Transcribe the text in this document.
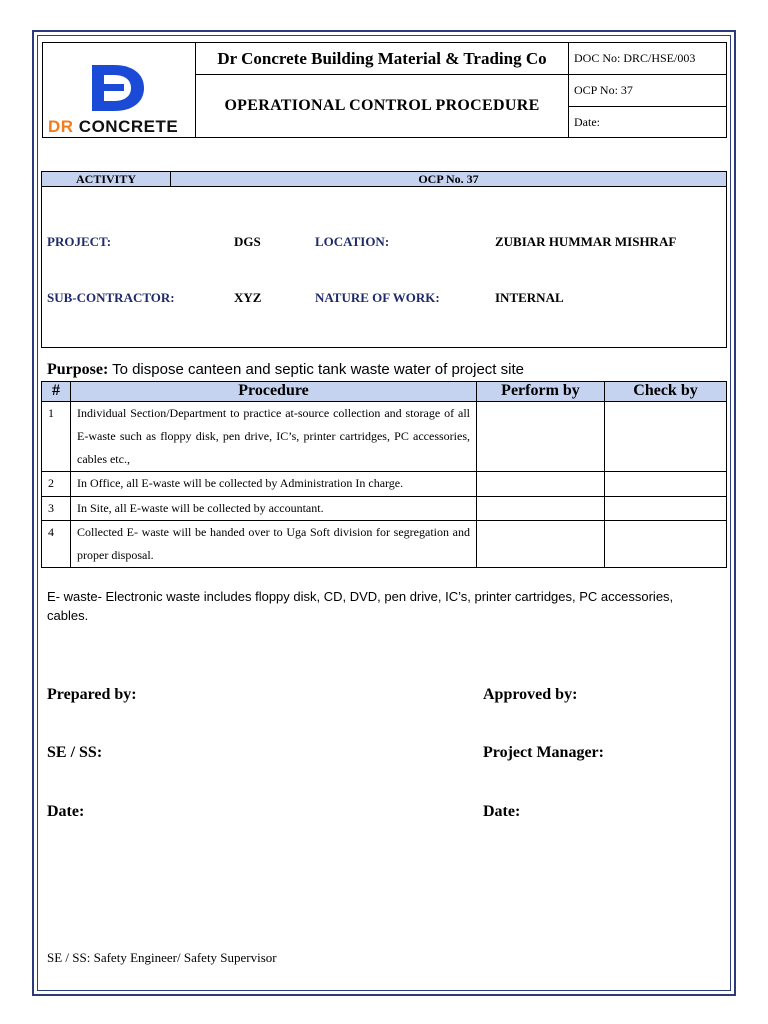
DR CONCRETE	Dr Concrete Building Material & Trading Co	DOC No: DRC/HSE/003
	OPERATIONAL CONTROL PROCEDURE	OCP No: 37
		Date:
ACTIVITY	OCP No. 37
PROJECT:	DGS	LOCATION:	ZUBIAR HUMMAR MISHRAF
SUB-CONTRACTOR:	XYZ	NATURE OF WORK:	INTERNAL
Purpose: To dispose canteen and septic tank waste water of project site
#	Procedure	Perform by	Check by
1	Individual Section/Department to practice at-source collection and storage of all E-waste such as floppy disk, pen drive, IC’s, printer cartridges, PC accessories, cables etc.,		
2	In Office, all E-waste will be collected by Administration In charge.		
3	In Site, all E-waste will be collected by accountant.		
4	Collected E- waste will be handed over to Uga Soft division for segregation and proper disposal.		
E- waste- Electronic waste includes floppy disk, CD, DVD, pen drive, IC’s, printer cartridges, PC accessories, cables.
Prepared by:	Approved by:
SE / SS:	Project Manager:
Date:	Date:
SE / SS: Safety Engineer/ Safety Supervisor
